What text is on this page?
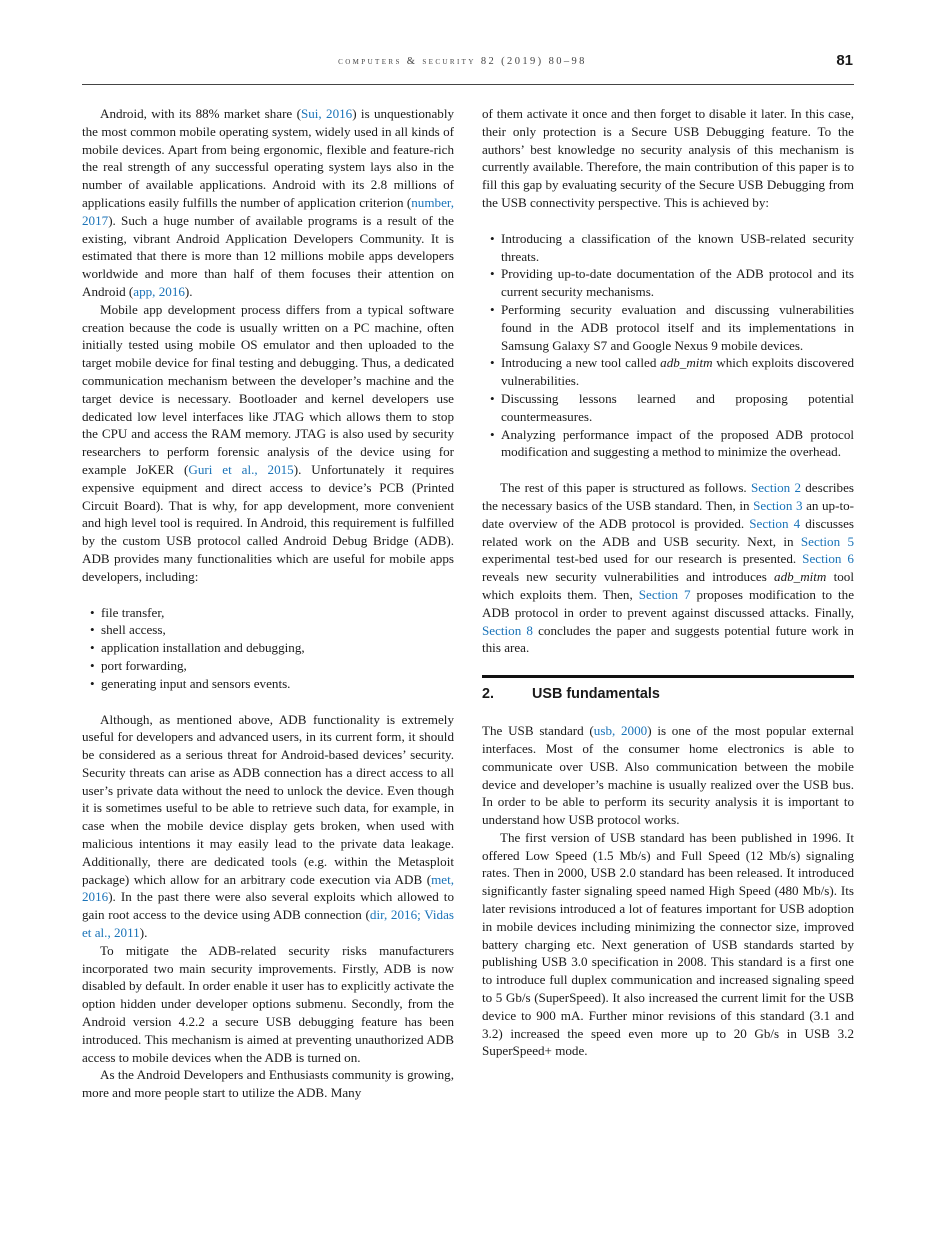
computers & security 82 (2019) 80–98	81

Android, with its 88% market share (Sui, 2016) is unquestionably the most common mobile operating system, widely used in all kinds of mobile devices. Apart from being ergonomic, flexible and feature-rich the real strength of any successful operating system lays also in the number of available applications. Android with its 2.8 millions of applications easily fulfills the number of application criterion (number, 2017). Such a huge number of available programs is a result of the existing, vibrant Android Application Developers Community. It is estimated that there is more than 12 millions mobile apps developers worldwide and more than half of them focuses their attention on Android (app, 2016).

Mobile app development process differs from a typical software creation because the code is usually written on a PC machine, often initially tested using mobile OS emulator and then uploaded to the target mobile device for final testing and debugging. Thus, a dedicated communication mechanism between the developer’s machine and the target device is necessary. Bootloader and kernel developers use dedicated low level interfaces like JTAG which allows them to stop the CPU and access the RAM memory. JTAG is also used by security researchers to perform forensic analysis of the device using for example JoKER (Guri et al., 2015). Unfortunately it requires expensive equipment and direct access to device’s PCB (Printed Circuit Board). That is why, for app development, more convenient and high level tool is required. In Android, this requirement is fulfilled by the custom USB protocol called Android Debug Bridge (ADB). ADB provides many functionalities which are useful for mobile apps developers, including:

• file transfer,
• shell access,
• application installation and debugging,
• port forwarding,
• generating input and sensors events.

Although, as mentioned above, ADB functionality is extremely useful for developers and advanced users, in its current form, it should be considered as a serious threat for Android-based devices’ security. Security threats can arise as ADB connection has a direct access to all user’s private data without the need to unlock the device. Even though it is sometimes useful to be able to retrieve such data, for example, in case when the mobile device display gets broken, when used with malicious intentions it may easily lead to the private data leakage. Additionally, there are dedicated tools (e.g. within the Metasploit package) which allow for an arbitrary code execution via ADB (met, 2016). In the past there were also several exploits which allowed to gain root access to the device using ADB connection (dir, 2016; Vidas et al., 2011).

To mitigate the ADB-related security risks manufacturers incorporated two main security improvements. Firstly, ADB is now disabled by default. In order enable it user has to explicitly activate the option hidden under developer options submenu. Secondly, from the Android version 4.2.2 a secure USB debugging feature has been introduced. This mechanism is aimed at preventing unauthorized ADB access to mobile devices when the ADB is turned on.

As the Android Developers and Enthusiasts community is growing, more and more people start to utilize the ADB. Many

of them activate it once and then forget to disable it later. In this case, their only protection is a Secure USB Debugging feature. To the authors’ best knowledge no security analysis of this mechanism is currently available. Therefore, the main contribution of this paper is to fill this gap by evaluating security of the Secure USB Debugging from the USB connectivity perspective. This is achieved by:

• Introducing a classification of the known USB-related security threats.
• Providing up-to-date documentation of the ADB protocol and its current security mechanisms.
• Performing security evaluation and discussing vulnerabilities found in the ADB protocol itself and its implementations in Samsung Galaxy S7 and Google Nexus 9 mobile devices.
• Introducing a new tool called adb_mitm which exploits discovered vulnerabilities.
• Discussing lessons learned and proposing potential countermeasures.
• Analyzing performance impact of the proposed ADB protocol modification and suggesting a method to minimize the overhead.

The rest of this paper is structured as follows. Section 2 describes the necessary basics of the USB standard. Then, in Section 3 an up-to-date overview of the ADB protocol is provided. Section 4 discusses related work on the ADB and USB security. Next, in Section 5 experimental test-bed used for our research is presented. Section 6 reveals new security vulnerabilities and introduces adb_mitm tool which exploits them. Then, Section 7 proposes modification to the ADB protocol in order to prevent against discussed attacks. Finally, Section 8 concludes the paper and suggests potential future work in this area.

2.	USB fundamentals

The USB standard (usb, 2000) is one of the most popular external interfaces. Most of the consumer home electronics is able to communicate over USB. Also communication between the mobile device and developer’s machine is usually realized over the USB bus. In order to be able to perform its security analysis it is important to understand how USB protocol works.

The first version of USB standard has been published in 1996. It offered Low Speed (1.5 Mb/s) and Full Speed (12 Mb/s) signaling rates. Then in 2000, USB 2.0 standard has been released. It introduced significantly faster signaling speed named High Speed (480 Mb/s). Its later revisions introduced a lot of features important for USB adoption in mobile devices including minimizing the connector size, improved battery charging etc. Next generation of USB standards started by publishing USB 3.0 specification in 2008. This standard is a first one to introduce full duplex communication and increased signaling speed to 5 Gb/s (SuperSpeed). It also increased the current limit for the USB device to 900 mA. Further minor revisions of this standard (3.1 and 3.2) increased the speed even more up to 20 Gb/s in USB 3.2 SuperSpeed+ mode.
